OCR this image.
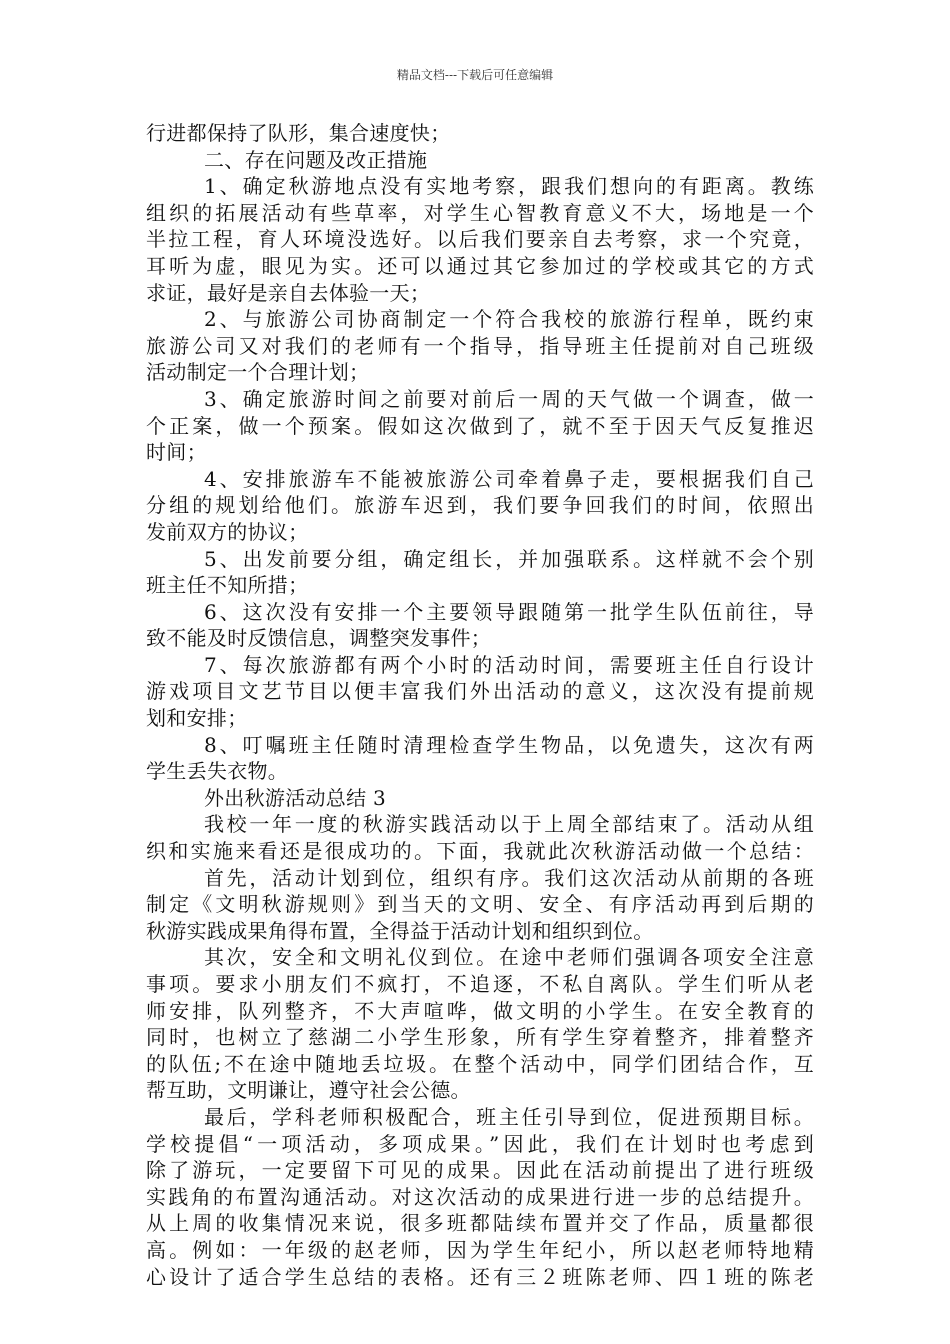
精品文档---下载后可任意编辑
行进都保持了队形，集合速度快；
二、存在问题及改正措施
1、确定秋游地点没有实地考察，跟我们想向的有距离。教练
组织的拓展活动有些草率，对学生心智教育意义不大，场地是一个
半拉工程，育人环境没选好。以后我们要亲自去考察，求一个究竟，
耳听为虚，眼见为实。还可以通过其它参加过的学校或其它的方式
求证，最好是亲自去体验一天；
2、与旅游公司协商制定一个符合我校的旅游行程单，既约束
旅游公司又对我们的老师有一个指导，指导班主任提前对自己班级
活动制定一个合理计划；
3、确定旅游时间之前要对前后一周的天气做一个调查，做一
个正案，做一个预案。假如这次做到了，就不至于因天气反复推迟
时间；
4、安排旅游车不能被旅游公司牵着鼻子走，要根据我们自己
分组的规划给他们。旅游车迟到，我们要争回我们的时间，依照出
发前双方的协议；
5、出发前要分组，确定组长，并加强联系。这样就不会个别
班主任不知所措；
6、这次没有安排一个主要领导跟随第一批学生队伍前往，导
致不能及时反馈信息，调整突发事件；
7、每次旅游都有两个小时的活动时间，需要班主任自行设计
游戏项目文艺节目以便丰富我们外出活动的意义，这次没有提前规
划和安排；
8、叮嘱班主任随时清理检查学生物品，以免遗失，这次有两
学生丢失衣物。
外出秋游活动总结 3
我校一年一度的秋游实践活动以于上周全部结束了。活动从组
织和实施来看还是很成功的。下面，我就此次秋游活动做一个总结：
首先，活动计划到位，组织有序。我们这次活动从前期的各班
制定《文明秋游规则》到当天的文明、安全、有序活动再到后期的
秋游实践成果角得布置，全得益于活动计划和组织到位。
其次，安全和文明礼仪到位。在途中老师们强调各项安全注意
事项。要求小朋友们不疯打，不追逐，不私自离队。学生们听从老
师安排，队列整齐，不大声喧哗，做文明的小学生。在安全教育的
同时，也树立了慈湖二小学生形象，所有学生穿着整齐，排着整齐
的队伍;不在途中随地丢垃圾。在整个活动中，同学们团结合作，互
帮互助，文明谦让，遵守社会公德。
最后，学科老师积极配合，班主任引导到位，促进预期目标。
学校提倡“一项活动，多项成果。”因此，我们在计划时也考虑到
除了游玩，一定要留下可见的成果。因此在活动前提出了进行班级
实践角的布置沟通活动。对这次活动的成果进行进一步的总结提升。
从上周的收集情况来说，很多班都陆续布置并交了作品，质量都很
高。例如：一年级的赵老师，因为学生年纪小，所以赵老师特地精
心设计了适合学生总结的表格。还有三２班陈老师、四１班的陈老
